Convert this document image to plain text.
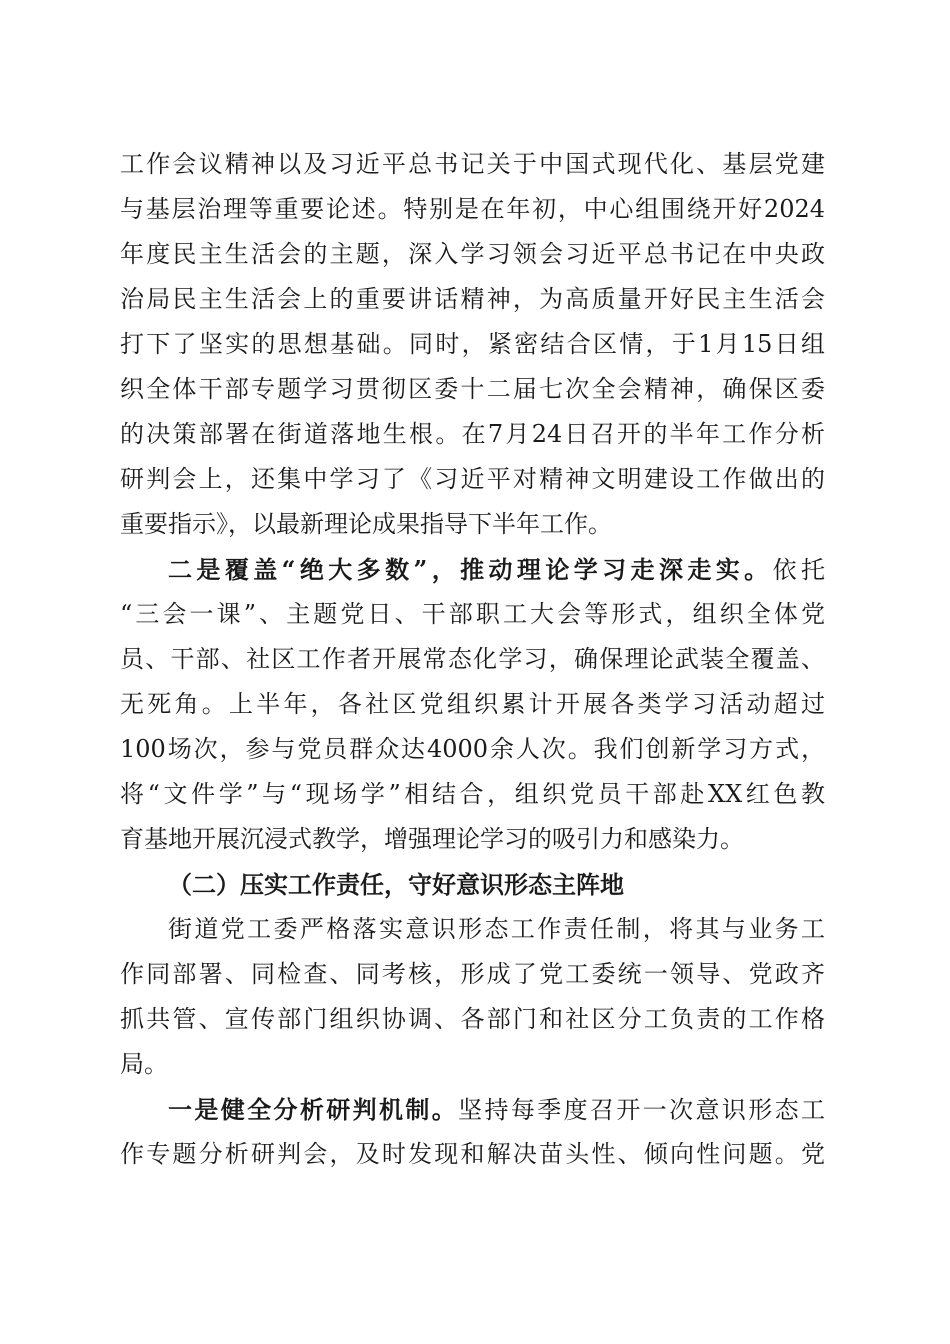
工作会议精神以及习近平总书记关于中国式现代化、基层党建
与基层治理等重要论述。特别是在年初，中心组围绕开好2024
年度民主生活会的主题，深入学习领会习近平总书记在中央政
治局民主生活会上的重要讲话精神，为高质量开好民主生活会
打下了坚实的思想基础。同时，紧密结合区情，于1月15日组
织全体干部专题学习贯彻区委十二届七次全会精神，确保区委
的决策部署在街道落地生根。在7月24日召开的半年工作分析
研判会上，还集中学习了《习近平对精神文明建设工作做出的
重要指示》，以最新理论成果指导下半年工作。
二是覆盖“绝大多数”，推动理论学习走深走实。依托
“三会一课”、主题党日、干部职工大会等形式，组织全体党
员、干部、社区工作者开展常态化学习，确保理论武装全覆盖、
无死角。上半年，各社区党组织累计开展各类学习活动超过
100场次，参与党员群众达4000余人次。我们创新学习方式，
将“文件学”与“现场学”相结合，组织党员干部赴XX红色教
育基地开展沉浸式教学，增强理论学习的吸引力和感染力。
（二）压实工作责任，守好意识形态主阵地
街道党工委严格落实意识形态工作责任制，将其与业务工
作同部署、同检查、同考核，形成了党工委统一领导、党政齐
抓共管、宣传部门组织协调、各部门和社区分工负责的工作格
局。
一是健全分析研判机制。坚持每季度召开一次意识形态工
作专题分析研判会，及时发现和解决苗头性、倾向性问题。党
